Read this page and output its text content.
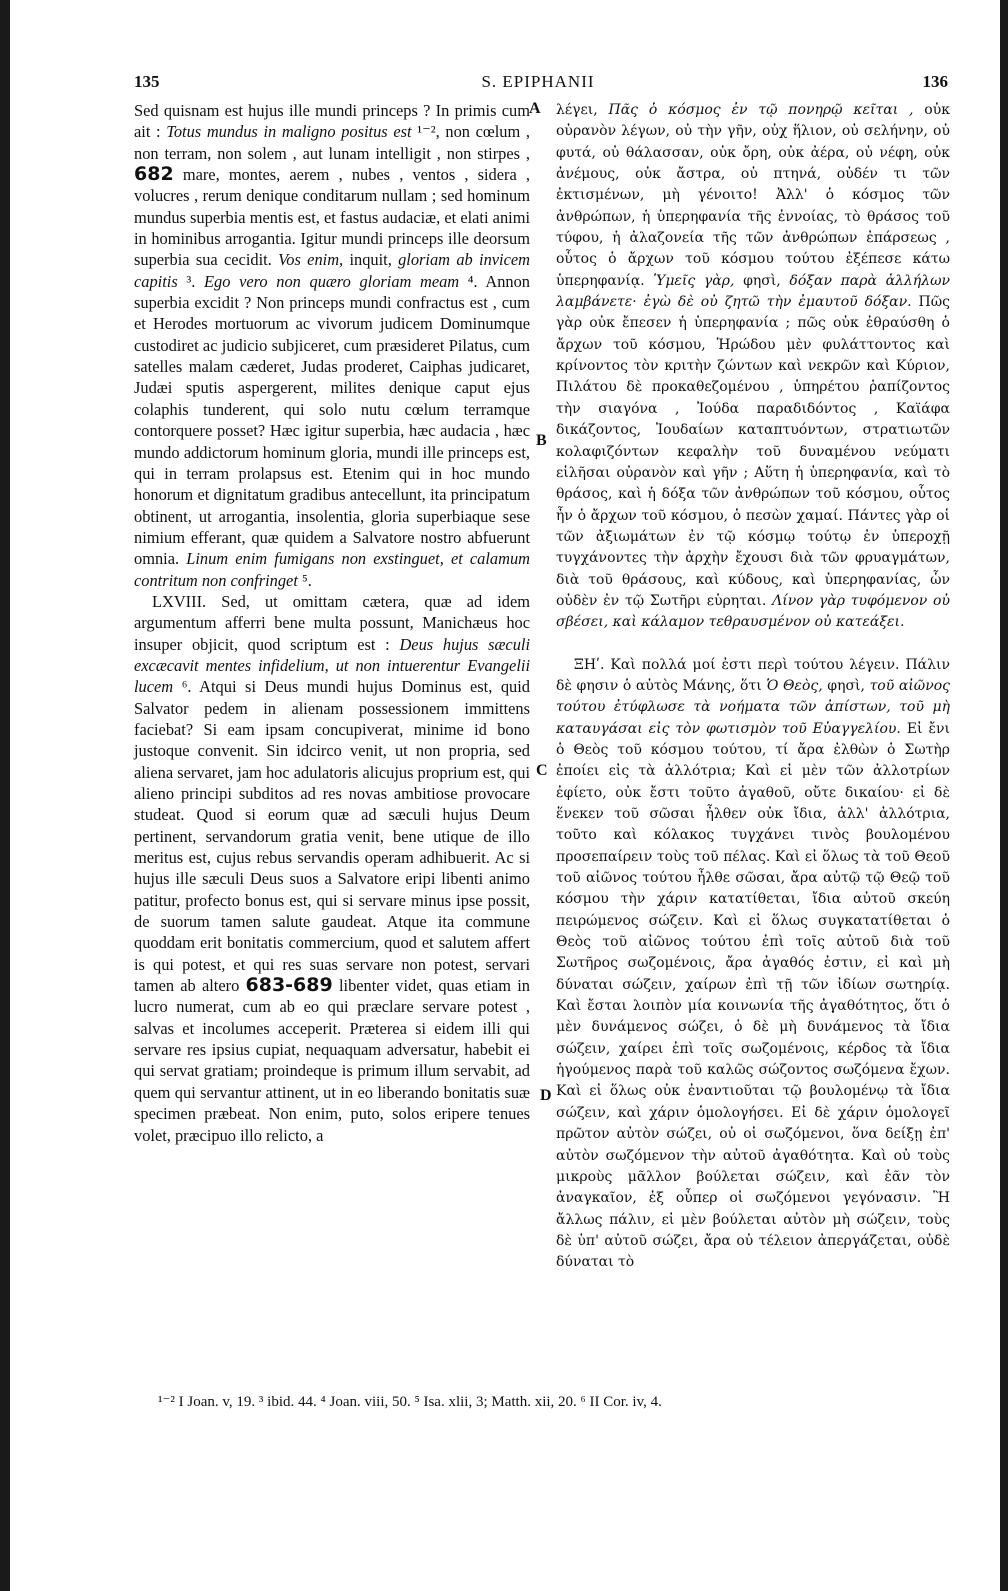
135	S. EPIPHANII	136
A
B
C
D

Sed quisnam est hujus ille mundi princeps ? In primis cum ait : Totus mundus in maligno positus est ¹⁻², non cœlum , non terram, non solem , aut lunam intelligit , non stirpes , 682 mare, montes, aerem , nubes , ventos , sidera , volucres , rerum denique conditarum nullam ; sed hominum mundus superbia mentis est, et fastus audaciæ, et elati animi in hominibus arrogantia. Igitur mundi princeps ille deorsum superbia sua cecidit. Vos enim, inquit, gloriam ab invicem capitis ³. Ego vero non quæro gloriam meam ⁴. Annon superbia excidit ? Non princeps mundi confractus est , cum et Herodes mortuorum ac vivorum judicem Dominumque custodiret ac judicio subjiceret, cum præsideret Pilatus, cum satelles malam cæderet, Judas proderet, Caiphas judicaret, Judæi sputis aspergerent, milites denique caput ejus colaphis tunderent, qui solo nutu cœlum terramque contorquere posset? Hæc igitur superbia, hæc audacia , hæc mundo addictorum hominum gloria, mundi ille princeps est, qui in terram prolapsus est. Etenim qui in hoc mundo honorum et dignitatum gradibus antecellunt, ita principatum obtinent, ut arrogantia, insolentia, gloria superbiaque sese nimium efferant, quæ quidem a Salvatore nostro abfuerunt omnia. Linum enim fumigans non exstinguet, et calamum contritum non confringet ⁵.

LXVIII. Sed, ut omittam cætera, quæ ad idem argumentum afferri bene multa possunt, Manichæus hoc insuper objicit, quod scriptum est : Deus hujus sæculi excæcavit mentes infidelium, ut non intuerentur Evangelii lucem ⁶. Atqui si Deus mundi hujus Dominus est, quid Salvator pedem in alienam possessionem immittens faciebat? Si eam ipsam concupiverat, minime id bono justoque convenit. Sin idcirco venit, ut non propria, sed aliena servaret, jam hoc adulatoris alicujus proprium est, qui alieno principi subditos ad res novas ambitiose provocare studeat. Quod si eorum quæ ad sæculi hujus Deum pertinent, servandorum gratia venit, bene utique de illo meritus est, cujus rebus servandis operam adhibuerit. Ac si hujus ille sæculi Deus suos a Salvatore eripi libenti animo patitur, profecto bonus est, qui si servare minus ipse possit, de suorum tamen salute gaudeat. Atque ita commune quoddam erit bonitatis commercium, quod et salutem affert is qui potest, et qui res suas servare non potest, servari tamen ab altero 683-689 libenter videt, quas etiam in lucro numerat, cum ab eo qui præclare servare potest , salvas et incolumes acceperit. Præterea si eidem illi qui servare res ipsius cupiat, nequaquam adversatur, habebit ei qui servat gratiam; proindeque is primum illum servabit, ad quem qui servantur attinent, ut in eo liberando bonitatis suæ specimen præbeat. Non enim, puto, solos eripere tenues volet, præcipuo illo relicto, a

λέγει, Πᾶς ὁ κόσμος ἐν τῷ πονηρῷ κεῖται , οὐκ οὐρανὸν λέγων, οὐ τὴν γῆν, οὐχ ἥλιον, οὐ σελήνην, οὐ φυτά, οὐ θάλασσαν, οὐκ ὄρη, οὐκ ἀέρα, οὐ νέφη, οὐκ ἀνέμους, οὐκ ἄστρα, οὐ πτηνά, οὐδέν τι τῶν ἐκτισμένων, μὴ γένοιτο! Ἀλλ' ὁ κόσμος τῶν ἀνθρώπων, ἡ ὑπερηφανία τῆς ἐννοίας, τὸ θράσος τοῦ τύφου, ἡ ἀλαζονεία τῆς τῶν ἀνθρώπων ἐπάρσεως , οὗτος ὁ ἄρχων τοῦ κόσμου τούτου ἐξέπεσε κάτω ὑπερηφανίᾳ. Ὑμεῖς γὰρ, φησὶ, δόξαν παρὰ ἀλλήλων λαμβάνετε· ἐγὼ δὲ οὐ ζητῶ τὴν ἐμαυτοῦ δόξαν. Πῶς γὰρ οὐκ ἔπεσεν ἡ ὑπερηφανία ; πῶς οὐκ ἐθραύσθη ὁ ἄρχων τοῦ κόσμου, Ἡρώδου μὲν φυλάττοντος καὶ κρίνοντος τὸν κριτὴν ζώντων καὶ νεκρῶν καὶ Κύριον, Πιλάτου δὲ προκαθεζομένου , ὑπηρέτου ῥαπίζοντος τὴν σιαγόνα , Ἰούδα παραδιδόντος , Καϊάφα δικάζοντος, Ἰουδαίων καταπτυόντων, στρατιωτῶν κολαφιζόντων κεφαλὴν τοῦ δυναμένου νεύματι εἱλῆσαι οὐρανὸν καὶ γῆν ; Αὕτη ἡ ὑπερηφανία, καὶ τὸ θράσος, καὶ ἡ δόξα τῶν ἀνθρώπων τοῦ κόσμου, οὗτος ἦν ὁ ἄρχων τοῦ κόσμου, ὁ πεσὼν χαμαί. Πάντες γὰρ οἱ τῶν ἀξιωμάτων ἐν τῷ κόσμῳ τούτῳ ἐν ὑπεροχῇ τυγχάνοντες τὴν ἀρχὴν ἔχουσι διὰ τῶν φρυαγμάτων, διὰ τοῦ θράσους, καὶ κύδους, καὶ ὑπερηφανίας, ὧν οὐδὲν ἐν τῷ Σωτῆρι εὑρηται. Λίνον γὰρ τυφόμενον οὐ σβέσει, καὶ κάλαμον τεθραυσμένον οὐ κατεάξει.

ΞΗʹ. Καὶ πολλά μοί ἐστι περὶ τούτου λέγειν. Πάλιν δὲ φησιν ὁ αὐτὸς Μάνης, ὅτι Ὁ Θεὸς, φησὶ, τοῦ αἰῶνος τούτου ἐτύφλωσε τὰ νοήματα τῶν ἀπίστων, τοῦ μὴ καταυγάσαι εἰς τὸν φωτισμὸν τοῦ Εὐαγγελίου. Εἰ ἔνι ὁ Θεὸς τοῦ κόσμου τούτου, τί ἄρα ἐλθὼν ὁ Σωτὴρ ἐποίει εἰς τὰ ἀλλότρια; Καὶ εἰ μὲν τῶν ἀλλοτρίων ἐφίετο, οὐκ ἔστι τοῦτο ἀγαθοῦ, οὔτε δικαίου· εἰ δὲ ἕνεκεν τοῦ σῶσαι ἦλθεν οὐκ ἴδια, ἀλλ' ἀλλότρια, τοῦτο καὶ κόλακος τυγχάνει τινὸς βουλομένου προσεπαίρειν τοὺς τοῦ πέλας. Καὶ εἰ ὅλως τὰ τοῦ Θεοῦ τοῦ αἰῶνος τούτου ἦλθε σῶσαι, ἄρα αὐτῷ τῷ Θεῷ τοῦ κόσμου τὴν χάριν κατατίθεται, ἴδια αὐτοῦ σκεύη πειρώμενος σώζειν. Καὶ εἰ ὅλως συγκατατίθεται ὁ Θεὸς τοῦ αἰῶνος τούτου ἐπὶ τοῖς αὐτοῦ διὰ τοῦ Σωτῆρος σωζομένοις, ἄρα ἀγαθός ἐστιν, εἰ καὶ μὴ δύναται σώζειν, χαίρων ἐπὶ τῇ τῶν ἰδίων σωτηρίᾳ. Καὶ ἔσται λοιπὸν μία κοινωνία τῆς ἀγαθότητος, ὅτι ὁ μὲν δυνάμενος σώζει, ὁ δὲ μὴ δυνάμενος τὰ ἴδια σώζειν, χαίρει ἐπὶ τοῖς σωζομένοις, κέρδος τὰ ἴδια ἡγούμενος παρὰ τοῦ καλῶς σώζοντος σωζόμενα ἔχων. Καὶ εἰ ὅλως οὐκ ἐναντιοῦται τῷ βουλομένῳ τὰ ἴδια σώζειν, καὶ χάριν ὁμολογήσει. Εἰ δὲ χάριν ὁμολογεῖ πρῶτον αὐτὸν σώζει, οὐ οἱ σωζόμενοι, ὅνα δείξῃ ἐπ' αὐτὸν σωζόμενον τὴν αὐτοῦ ἀγαθότητα. Καὶ οὐ τοὺς μικροὺς μᾶλλον βούλεται σώζειν, καὶ ἐᾶν τὸν ἀναγκαῖον, ἐξ οὗπερ οἱ σωζόμενοι γεγόνασιν. Ἢ ἄλλως πάλιν, εἰ μὲν βούλεται αὐτὸν μὴ σώζειν, τοὺς δὲ ὑπ' αὐτοῦ σώζει, ἄρα οὐ τέλειον ἀπεργάζεται, οὐδὲ δύναται τὸ

¹⁻² I Joan. v, 19. ³ ibid. 44. ⁴ Joan. viii, 50. ⁵ Isa. xlii, 3; Matth. xii, 20. ⁶ II Cor. iv, 4.
